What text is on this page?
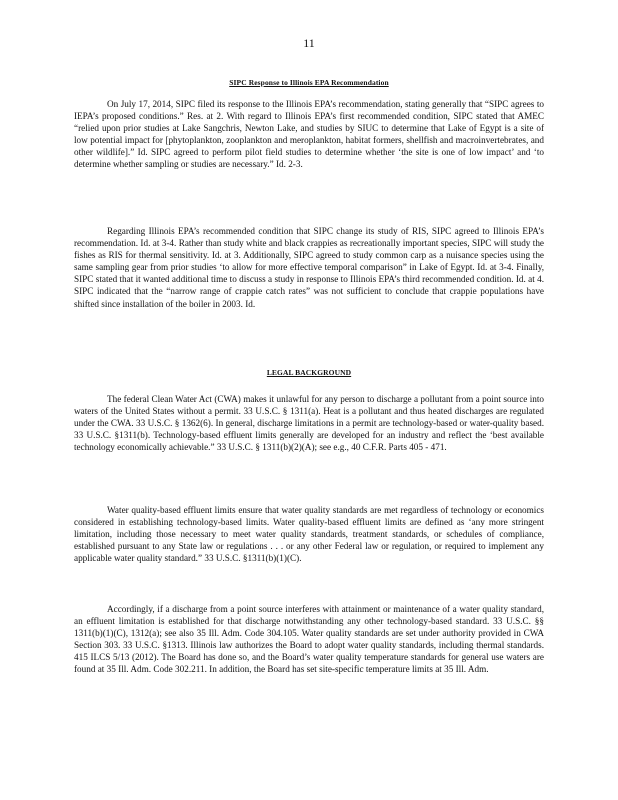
11
SIPC Response to Illinois EPA Recommendation

On July 17, 2014, SIPC filed its response to the Illinois EPA’s recommendation, stating generally that “SIPC agrees to IEPA’s proposed conditions.” Res. at 2. With regard to Illinois EPA’s first recommended condition, SIPC stated that AMEC “relied upon prior studies at Lake Sangchris, Newton Lake, and studies by SIUC to determine that Lake of Egypt is a site of low potential impact for [phytoplankton, zooplankton and meroplankton, habitat formers, shellfish and macroinvertebrates, and other wildlife].” Id. SIPC agreed to perform pilot field studies to determine whether ‘the site is one of low impact’ and ‘to determine whether sampling or studies are necessary.” Id. 2-3.

Regarding Illinois EPA’s recommended condition that SIPC change its study of RIS, SIPC agreed to Illinois EPA’s recommendation. Id. at 3-4. Rather than study white and black crappies as recreationally important species, SIPC will study the fishes as RIS for thermal sensitivity. Id. at 3. Additionally, SIPC agreed to study common carp as a nuisance species using the same sampling gear from prior studies ‘to allow for more effective temporal comparison” in Lake of Egypt. Id. at 3-4. Finally, SIPC stated that it wanted additional time to discuss a study in response to Illinois EPA’s third recommended condition. Id. at 4. SIPC indicated that the “narrow range of crappie catch rates” was not sufficient to conclude that crappie populations have shifted since installation of the boiler in 2003. Id.

LEGAL BACKGROUND

The federal Clean Water Act (CWA) makes it unlawful for any person to discharge a pollutant from a point source into waters of the United States without a permit. 33 U.S.C. § 1311(a). Heat is a pollutant and thus heated discharges are regulated under the CWA. 33 U.S.C. § 1362(6). In general, discharge limitations in a permit are technology-based or water-quality based. 33 U.S.C. §1311(b). Technology-based effluent limits generally are developed for an industry and reflect the ‘best available technology economically achievable.” 33 U.S.C. § 1311(b)(2)(A); see e.g., 40 C.F.R. Parts 405 - 471.

Water quality-based effluent limits ensure that water quality standards are met regardless of technology or economics considered in establishing technology-based limits. Water quality-based effluent limits are defined as ‘any more stringent limitation, including those necessary to meet water quality standards, treatment standards, or schedules of compliance, established pursuant to any State law or regulations . . . or any other Federal law or regulation, or required to implement any applicable water quality standard.” 33 U.S.C. §1311(b)(1)(C).

Accordingly, if a discharge from a point source interferes with attainment or maintenance of a water quality standard, an effluent limitation is established for that discharge notwithstanding any other technology-based standard. 33 U.S.C. §§ 1311(b)(1)(C), 1312(a); see also 35 Ill. Adm. Code 304.105. Water quality standards are set under authority provided in CWA Section 303. 33 U.S.C. §1313. Illinois law authorizes the Board to adopt water quality standards, including thermal standards. 415 ILCS 5/13 (2012). The Board has done so, and the Board’s water quality temperature standards for general use waters are found at 35 Ill. Adm. Code 302.211. In addition, the Board has set site-specific temperature limits at 35 Ill. Adm.
